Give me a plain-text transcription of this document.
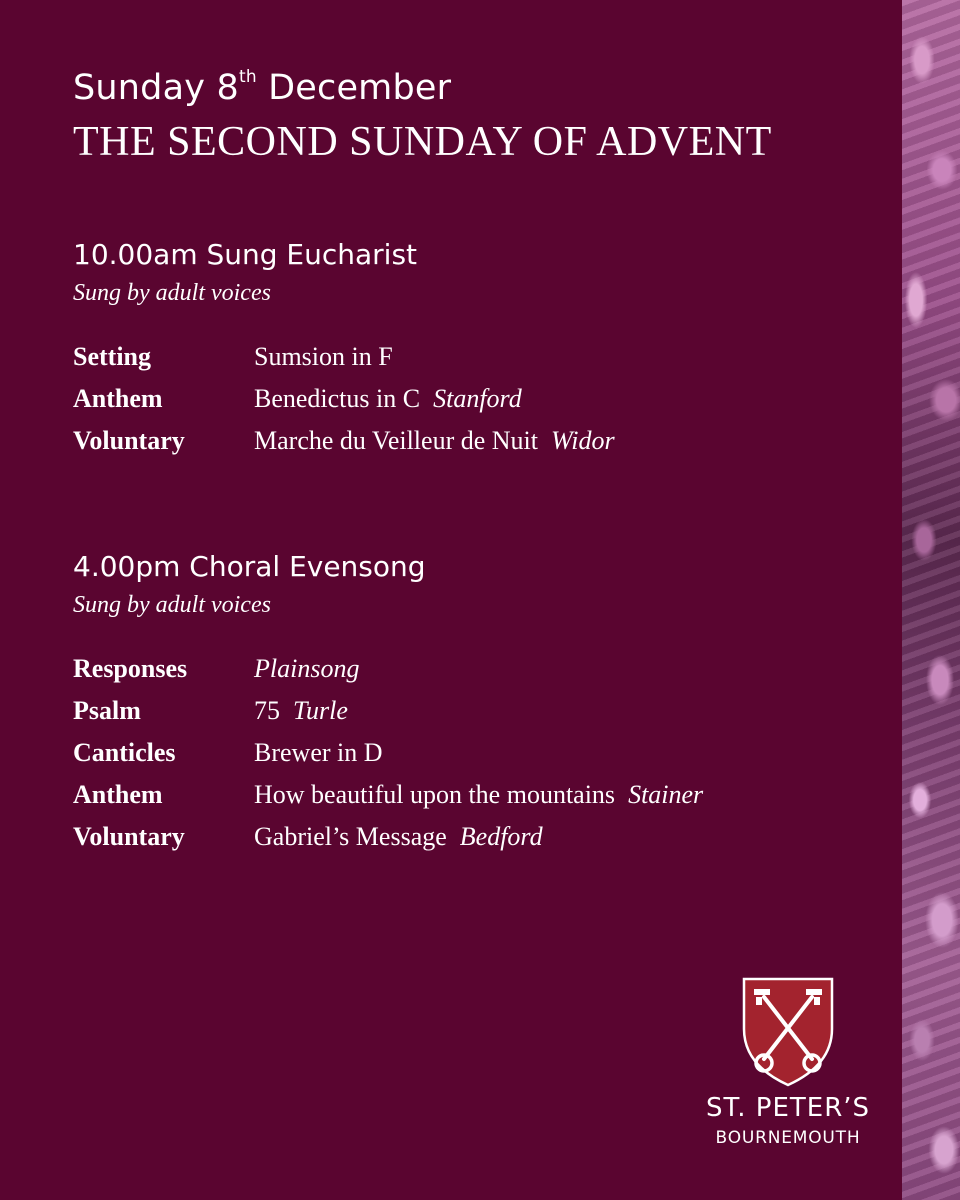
Sunday 8th December
THE SECOND SUNDAY OF ADVENT
10.00am Sung Eucharist
Sung by adult voices
Setting	Sumsion in F
Anthem	Benedictus in C Stanford
Voluntary	Marche du Veilleur de Nuit Widor
4.00pm Choral Evensong
Sung by adult voices
Responses	Plainsong
Psalm	75 Turle
Canticles	Brewer in D
Anthem	How beautiful upon the mountains Stainer
Voluntary	Gabriel’s Message Bedford
ST. PETER’S
BOURNEMOUTH
